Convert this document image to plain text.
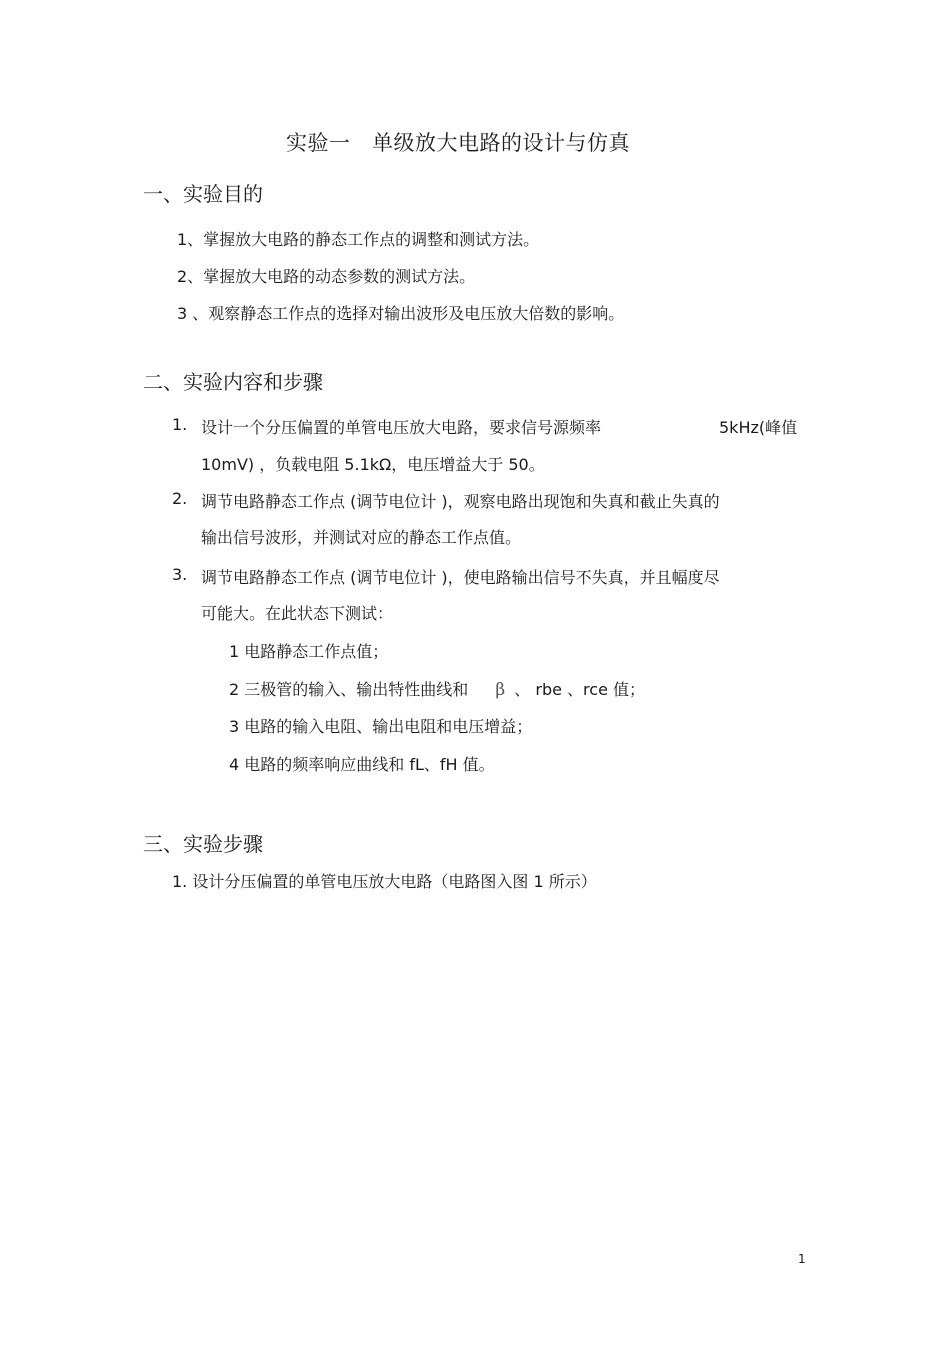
实验一　单级放大电路的设计与仿真
一、实验目的
1、掌握放大电路的静态工作点的调整和测试方法。
2、掌握放大电路的动态参数的测试方法。
3 、观察静态工作点的选择对输出波形及电压放大倍数的影响。
二、实验内容和步骤
1. 设计一个分压偏置的单管电压放大电路，要求信号源频率	5kHz(峰值
10mV) ，负载电阻 5.1kΩ，电压增益大于 50。
2. 调节电路静态工作点 (调节电位计 )，观察电路出现饱和失真和截止失真的
输出信号波形，并测试对应的静态工作点值。
3. 调节电路静态工作点 (调节电位计 )，使电路输出信号不失真，并且幅度尽
可能大。在此状态下测试：
1 电路静态工作点值；
2 三极管的输入、输出特性曲线和 β 、 rbe 、rce 值；
3 电路的输入电阻、输出电阻和电压增益；
4 电路的频率响应曲线和 fL、fH 值。
三、实验步骤
1. 设计分压偏置的单管电压放大电路（电路图入图 1 所示）
1
